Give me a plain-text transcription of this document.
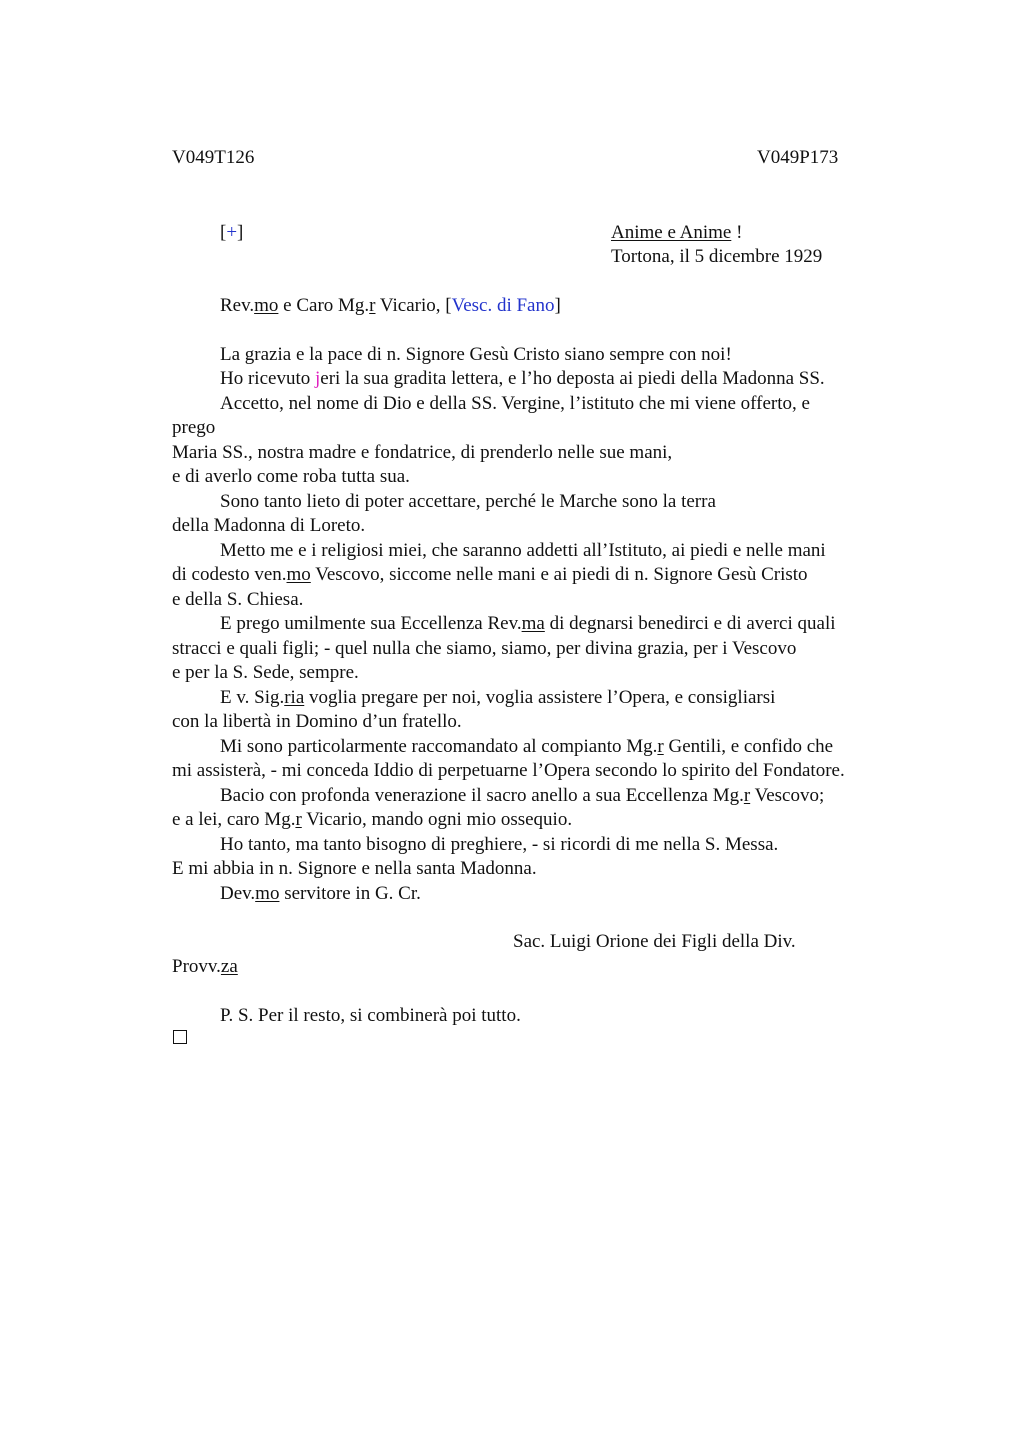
V049T126	V049P173
[+]	Anime e Anime !
Tortona, il 5 dicembre 1929
Rev.mo e Caro Mg.r Vicario, [Vesc. di Fano]
La grazia e la pace di n. Signore Gesù Cristo siano sempre con noi!
Ho ricevuto jeri la sua gradita lettera, e l’ho deposta ai piedi della Madonna SS.
Accetto, nel nome di Dio e della SS. Vergine, l’istituto che mi viene offerto, e
prego
Maria SS., nostra madre e fondatrice, di prenderlo nelle sue mani,
e di averlo come roba tutta sua.
Sono tanto lieto di poter accettare, perché le Marche sono la terra
della Madonna di Loreto.
Metto me e i religiosi miei, che saranno addetti all’Istituto, ai piedi e nelle mani
di codesto ven.mo Vescovo, siccome nelle mani e ai piedi di n. Signore Gesù Cristo
e della S. Chiesa.
E prego umilmente sua Eccellenza Rev.ma di degnarsi benedirci e di averci quali
stracci e quali figli; - quel nulla che siamo, siamo, per divina grazia, per i Vescovo
e per la S. Sede, sempre.
E v. Sig.ria voglia pregare per noi, voglia assistere l’Opera, e consigliarsi
con la libertà in Domino d’un fratello.
Mi sono particolarmente raccomandato al compianto Mg.r Gentili, e confido che
mi assisterà, - mi conceda Iddio di perpetuarne l’Opera secondo lo spirito del Fondatore.
Bacio con profonda venerazione il sacro anello a sua Eccellenza Mg.r Vescovo;
e a lei, caro Mg.r Vicario, mando ogni mio ossequio.
Ho tanto, ma tanto bisogno di preghiere, - si ricordi di me nella S. Messa.
E mi abbia in n. Signore e nella santa Madonna.
Dev.mo servitore in G. Cr.
Sac. Luigi Orione dei Figli della Div.
Provv.za
P. S. Per il resto, si combinerà poi tutto.
